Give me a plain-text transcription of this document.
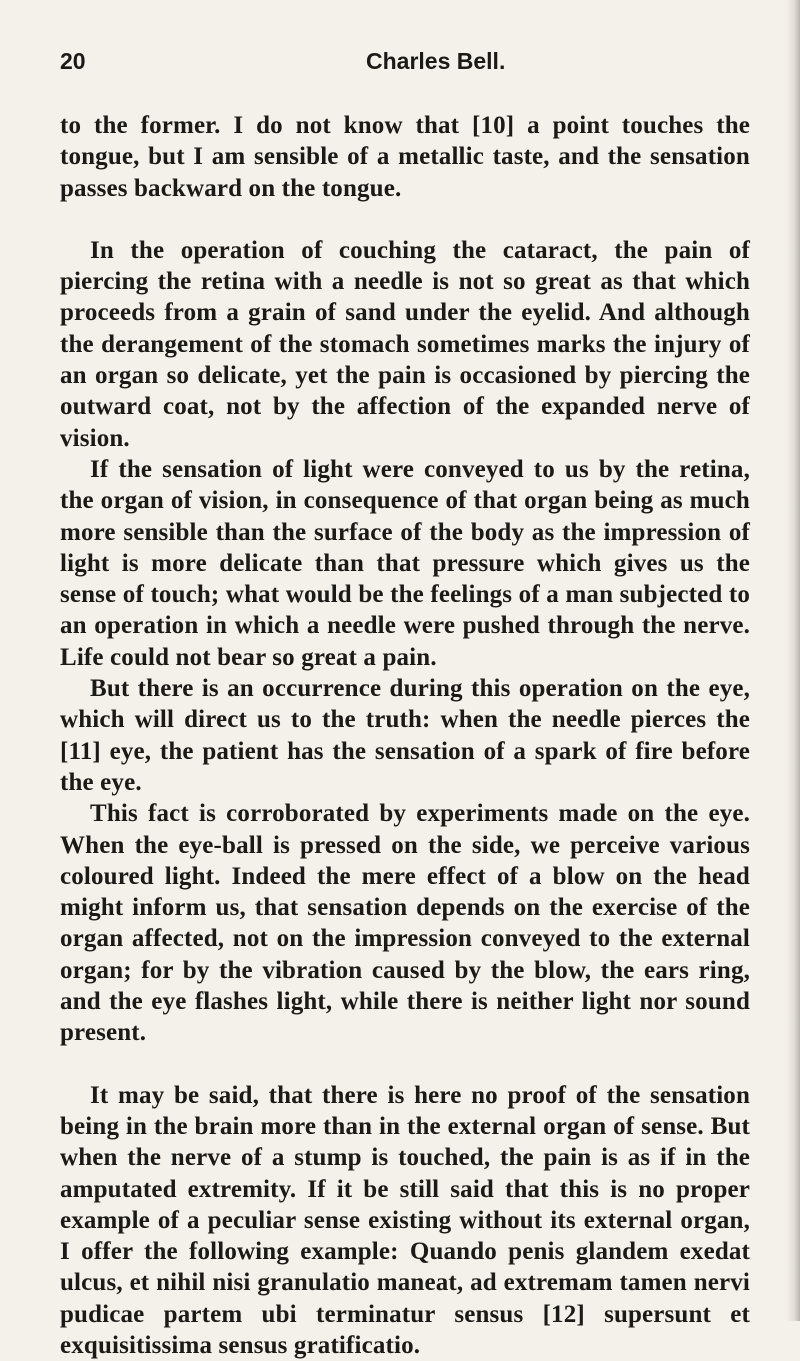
20	Charles Bell.

to the former. I do not know that [10] a point touches the tongue, but I am sensible of a metallic taste, and the sensation passes backward on the tongue.

In the operation of couching the cataract, the pain of piercing the retina with a needle is not so great as that which proceeds from a grain of sand under the eyelid. And although the derangement of the stomach sometimes marks the injury of an organ so delicate, yet the pain is occasioned by piercing the outward coat, not by the affection of the expanded nerve of vision.

If the sensation of light were conveyed to us by the retina, the organ of vision, in consequence of that organ being as much more sensible than the surface of the body as the impression of light is more delicate than that pressure which gives us the sense of touch; what would be the feelings of a man subjected to an operation in which a needle were pushed through the nerve. Life could not bear so great a pain.

But there is an occurrence during this operation on the eye, which will direct us to the truth: when the needle pierces the [11] eye, the patient has the sensation of a spark of fire before the eye.

This fact is corroborated by experiments made on the eye. When the eye-ball is pressed on the side, we perceive various coloured light. Indeed the mere effect of a blow on the head might inform us, that sensation depends on the exercise of the organ affected, not on the impression conveyed to the external organ; for by the vibration caused by the blow, the ears ring, and the eye flashes light, while there is neither light nor sound present.

It may be said, that there is here no proof of the sensation being in the brain more than in the external organ of sense. But when the nerve of a stump is touched, the pain is as if in the amputated extremity. If it be still said that this is no proper example of a peculiar sense existing without its external organ, I offer the following example: Quando penis glandem exedat ulcus, et nihil nisi granulatio maneat, ad extremam tamen nervi pudicae partem ubi terminatur sensus [12] supersunt et exquisitissima sensus gratificatio.
